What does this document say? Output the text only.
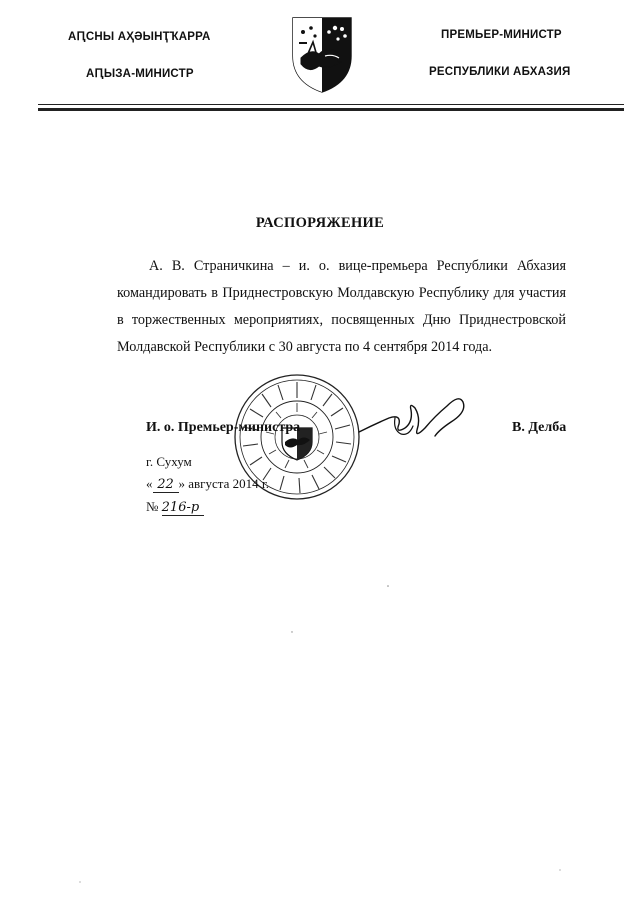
АԤСНЫ АҲӘЫНҬҠАРРА
АԤЫЗА-МИНИСТР
ПРЕМЬЕР-МИНИСТР
РЕСПУБЛИКИ АБХАЗИЯ
РАСПОРЯЖЕНИЕ
А. В. Страничкина – и. о. вице-премьера Республики Абхазия командировать в Приднестровскую Молдавскую Республику для участия в торжественных мероприятиях, посвященных Дню Приднестровской Молдавской Республики с 30 августа по 4 сентября 2014 года.
И. о. Премьер-министра	В. Делба
г. Сухум
« 22 » августа 2014 г.
№ 216-р
